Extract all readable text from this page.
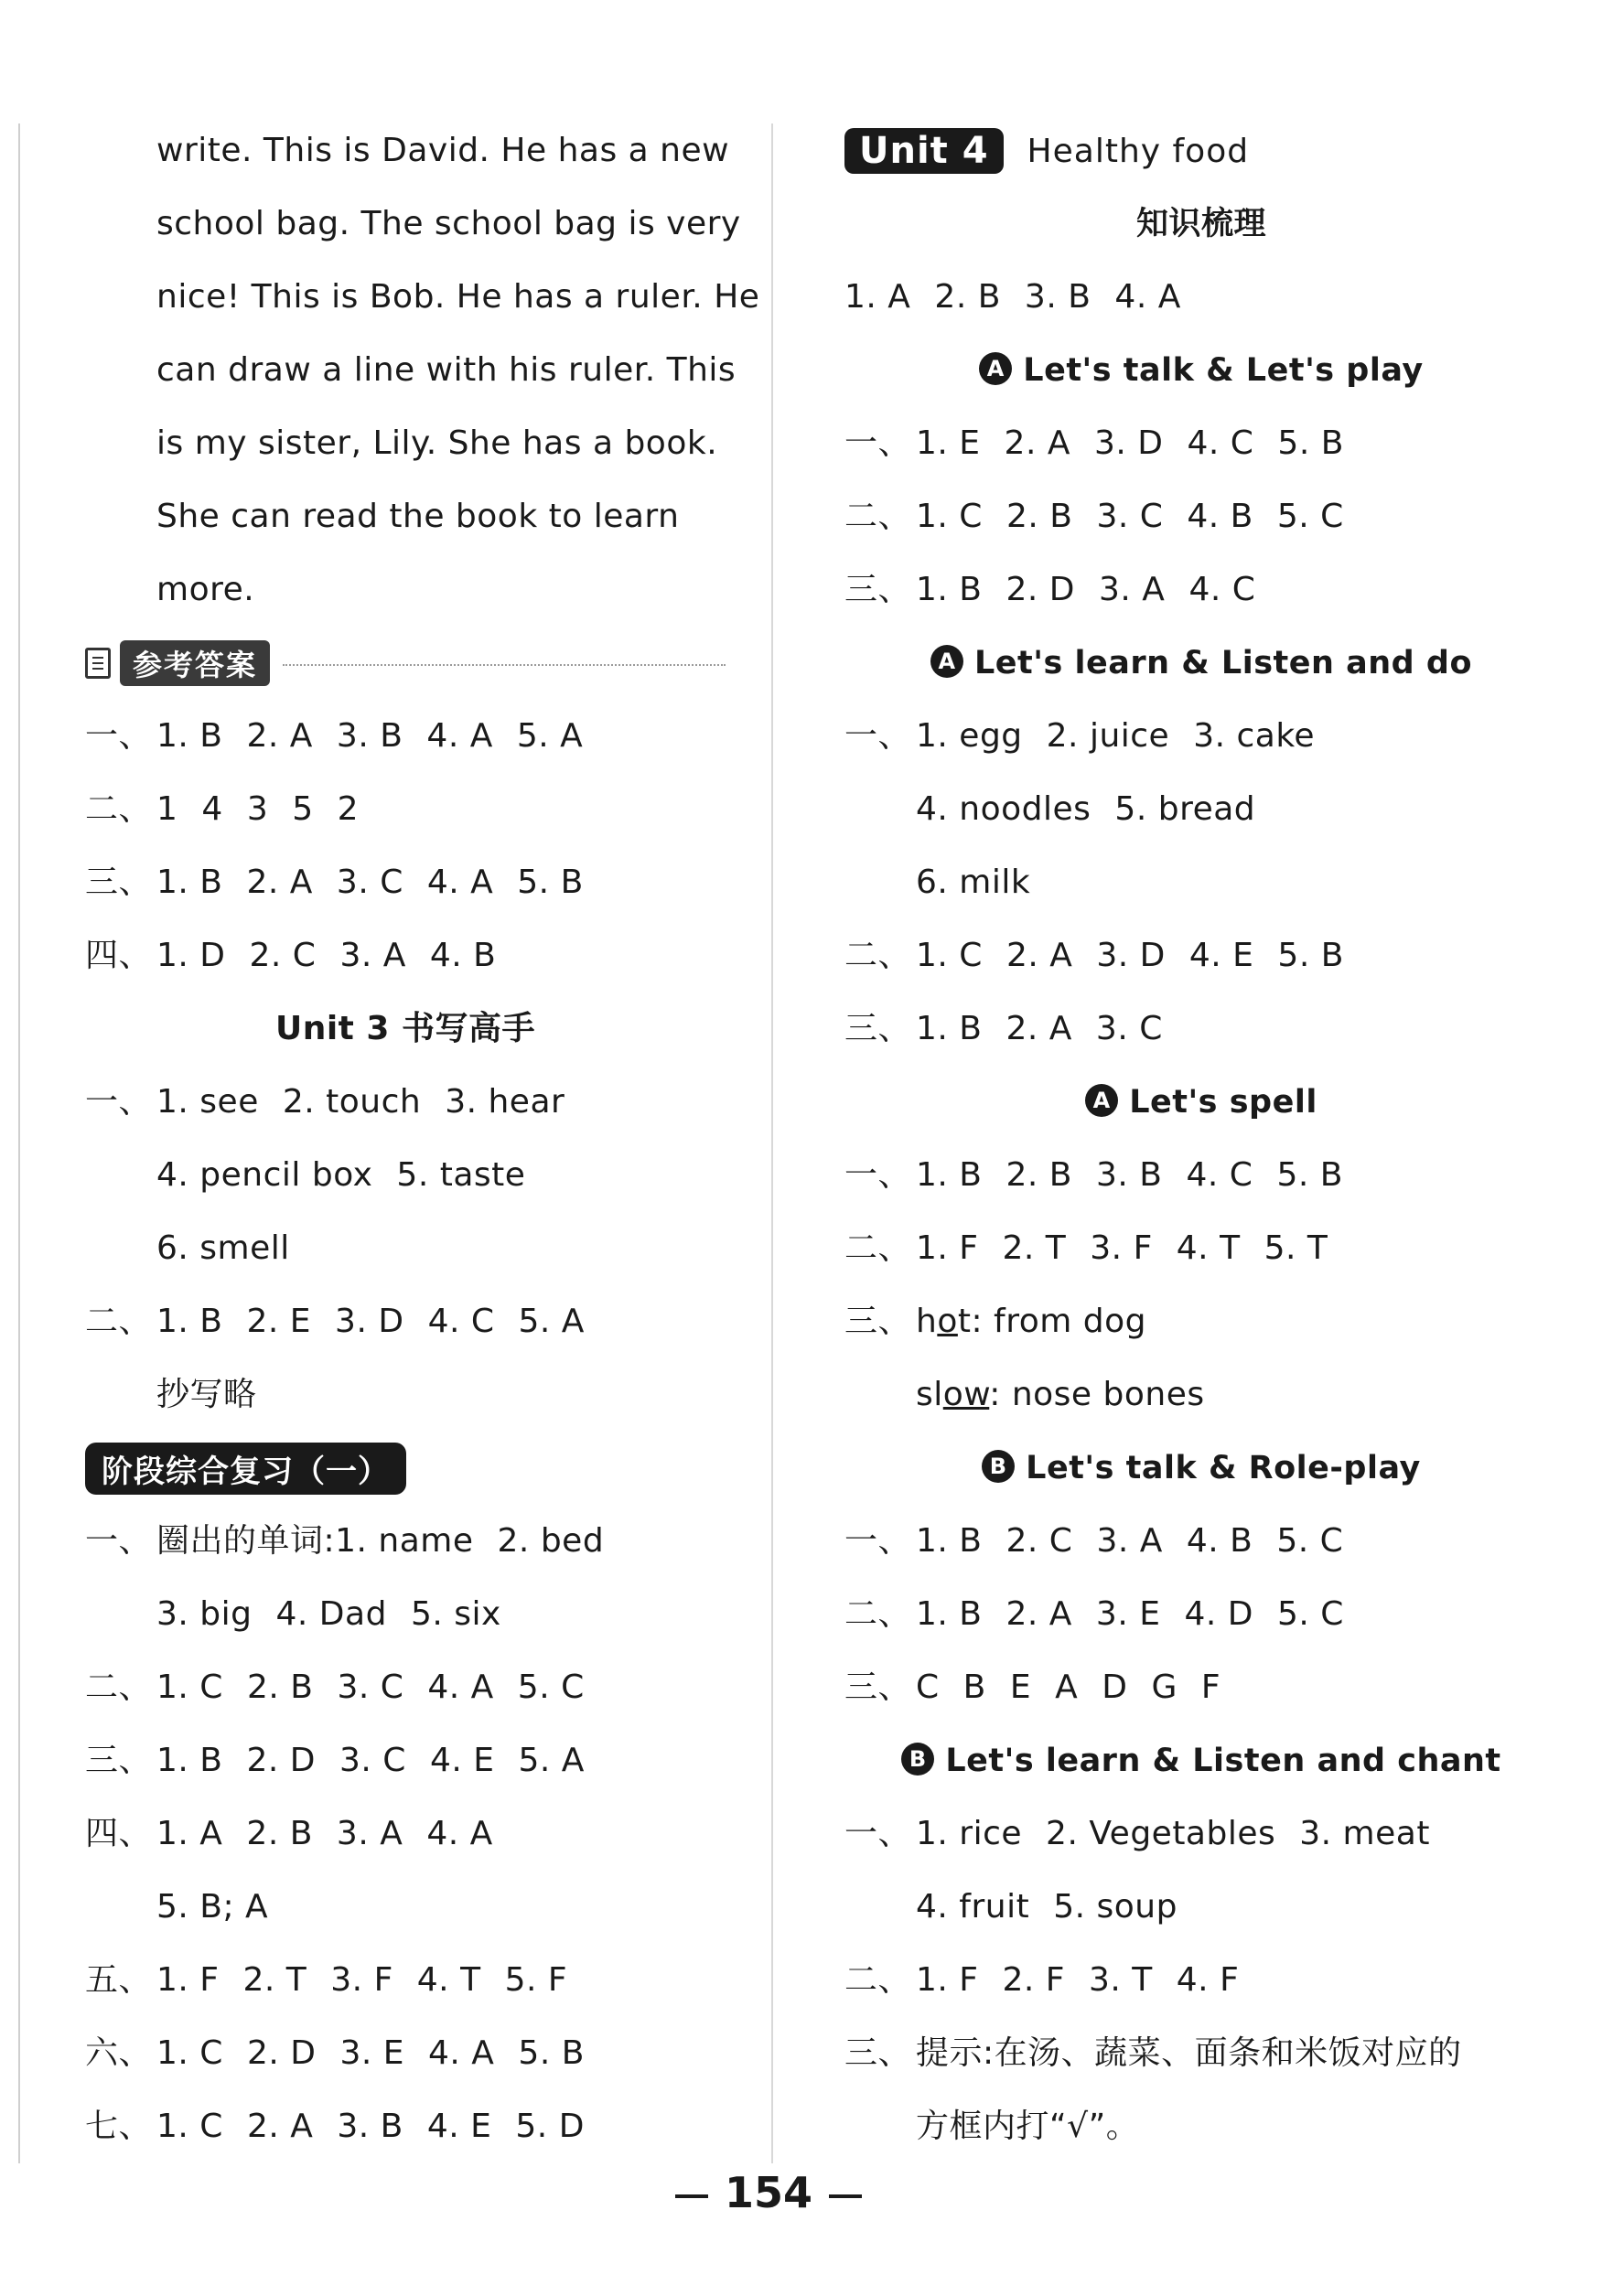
write. This is David. He has a new
school bag. The school bag is very
nice! This is Bob. He has a ruler. He
can draw a line with his ruler. This
is my sister, Lily. She has a book.
She can read the book to learn
more.
参考答案
一、 1. B 2. A 3. B 4. A 5. A
二、 1 4 3 5 2
三、 1. B 2. A 3. C 4. A 5. B
四、 1. D 2. C 3. A 4. B
Unit 3 书写高手
一、 1. see 2. touch 3. hear
4. pencil box 5. taste
6. smell
二、 1. B 2. E 3. D 4. C 5. A
抄写略
阶段综合复习（一）
一、 圈出的单词:1. name 2. bed
3. big 4. Dad 5. six
二、 1. C 2. B 3. C 4. A 5. C
三、 1. B 2. D 3. C 4. E 5. A
四、 1. A 2. B 3. A 4. A
5. B; A
五、 1. F 2. T 3. F 4. T 5. F
六、 1. C 2. D 3. E 4. A 5. B
七、 1. C 2. A 3. B 4. E 5. D
Unit 4	Healthy food
知识梳理
1. A 2. B 3. B 4. A
A Let's talk & Let's play
一、 1. E 2. A 3. D 4. C 5. B
二、 1. C 2. B 3. C 4. B 5. C
三、 1. B 2. D 3. A 4. C
A Let's learn & Listen and do
一、 1. egg 2. juice 3. cake
4. noodles 5. bread
6. milk
二、 1. C 2. A 3. D 4. E 5. B
三、 1. B 2. A 3. C
A Let's spell
一、 1. B 2. B 3. B 4. C 5. B
二、 1. F 2. T 3. F 4. T 5. T
三、 hot: from dog
slow: nose bones
B Let's talk & Role-play
一、 1. B 2. C 3. A 4. B 5. C
二、 1. B 2. A 3. E 4. D 5. C
三、 C B E A D G F
B Let's learn & Listen and chant
一、 1. rice 2. Vegetables 3. meat
4. fruit 5. soup
二、 1. F 2. F 3. T 4. F
三、 提示:在汤、蔬菜、面条和米饭对应的
方框内打“√”。
154
